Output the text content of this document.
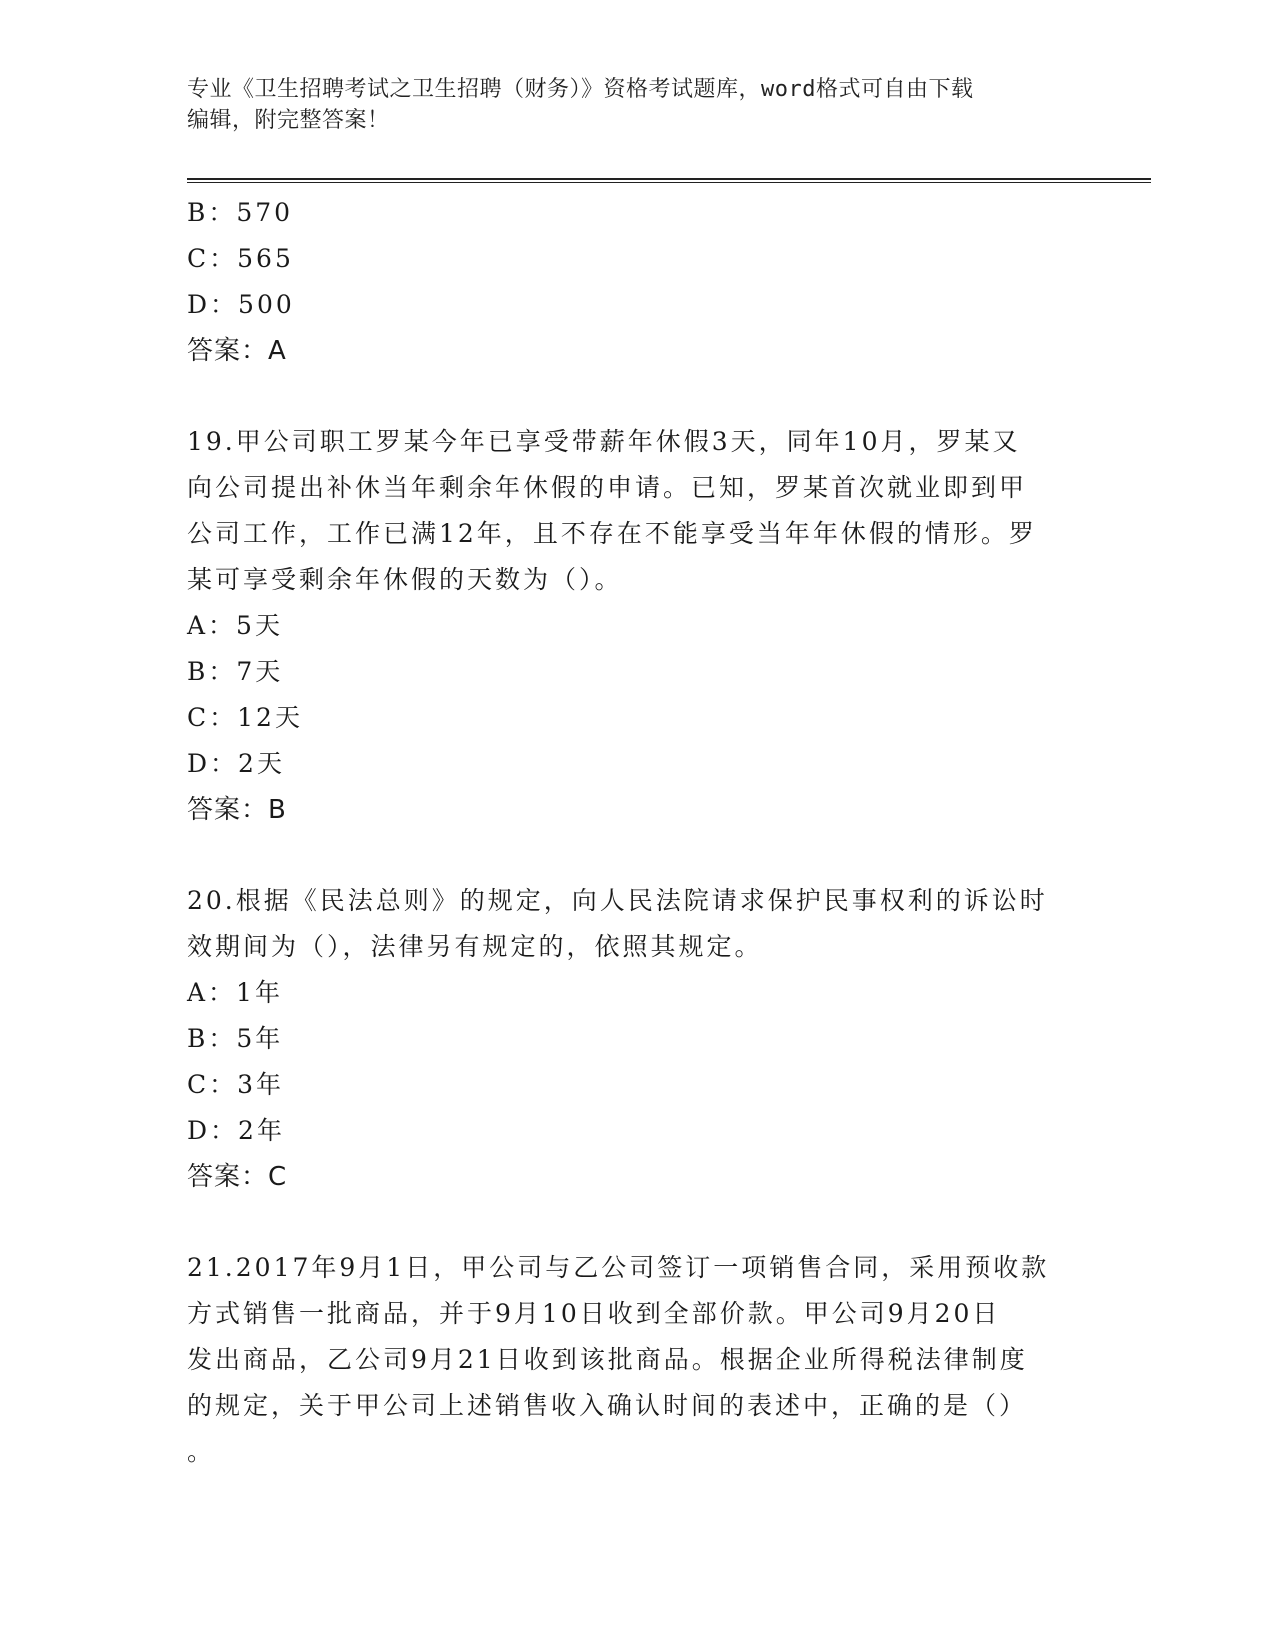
专业《卫生招聘考试之卫生招聘（财务）》资格考试题库，word格式可自由下载
编辑，附完整答案！
B：570
C：565
D：500
答案：A
19.甲公司职工罗某今年已享受带薪年休假3天，同年10月，罗某又
向公司提出补休当年剩余年休假的申请。已知，罗某首次就业即到甲
公司工作，工作已满12年，且不存在不能享受当年年休假的情形。罗
某可享受剩余年休假的天数为（）。
A：5天
B：7天
C：12天
D：2天
答案：B
20.根据《民法总则》的规定，向人民法院请求保护民事权利的诉讼时
效期间为（），法律另有规定的，依照其规定。
A：1年
B：5年
C：3年
D：2年
答案：C
21.2017年9月1日，甲公司与乙公司签订一项销售合同，采用预收款
方式销售一批商品，并于9月10日收到全部价款。甲公司9月20日
发出商品，乙公司9月21日收到该批商品。根据企业所得税法律制度
的规定，关于甲公司上述销售收入确认时间的表述中，正确的是（）
。
